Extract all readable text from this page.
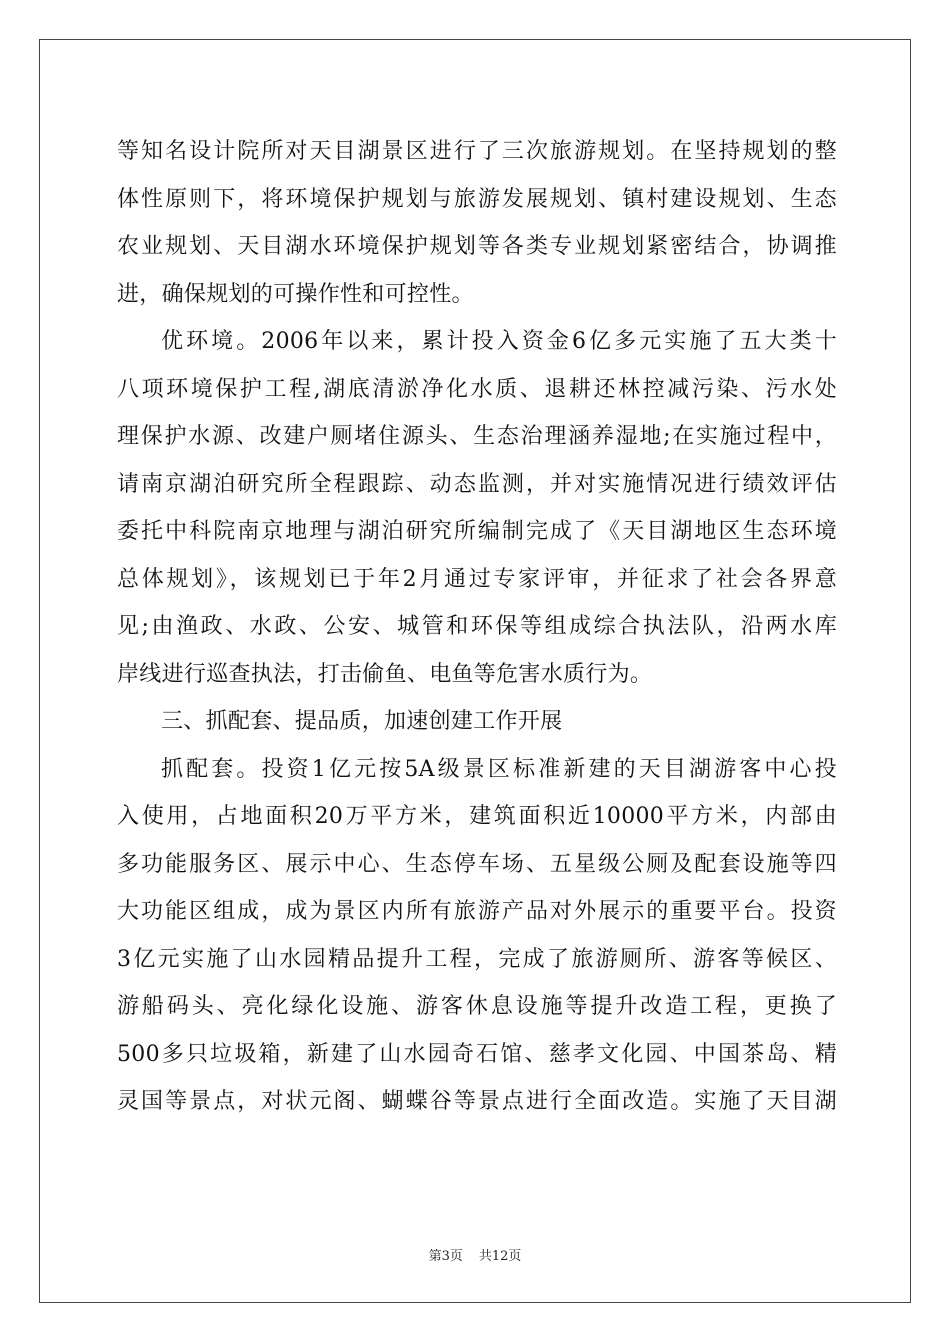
等知名设计院所对天目湖景区进行了三次旅游规划。在坚持规划的整
体性原则下，将环境保护规划与旅游发展规划、镇村建设规划、生态
农业规划、天目湖水环境保护规划等各类专业规划紧密结合，协调推
进，确保规划的可操作性和可控性。
优环境。2006年以来，累计投入资金6亿多元实施了五大类十
八项环境保护工程,湖底清淤净化水质、退耕还林控减污染、污水处
理保护水源、改建户厕堵住源头、生态治理涵养湿地;在实施过程中，
请南京湖泊研究所全程跟踪、动态监测，并对实施情况进行绩效评估
委托中科院南京地理与湖泊研究所编制完成了《天目湖地区生态环境
总体规划》，该规划已于年2月通过专家评审，并征求了社会各界意
见;由渔政、水政、公安、城管和环保等组成综合执法队，沿两水库
岸线进行巡查执法，打击偷鱼、电鱼等危害水质行为。
三、抓配套、提品质，加速创建工作开展
抓配套。投资1亿元按5A级景区标准新建的天目湖游客中心投
入使用，占地面积20万平方米，建筑面积近10000平方米，内部由
多功能服务区、展示中心、生态停车场、五星级公厕及配套设施等四
大功能区组成，成为景区内所有旅游产品对外展示的重要平台。投资
3亿元实施了山水园精品提升工程，完成了旅游厕所、游客等候区、
游船码头、亮化绿化设施、游客休息设施等提升改造工程，更换了
500多只垃圾箱，新建了山水园奇石馆、慈孝文化园、中国茶岛、精
灵国等景点，对状元阁、蝴蝶谷等景点进行全面改造。实施了天目湖
第3页 共12页
